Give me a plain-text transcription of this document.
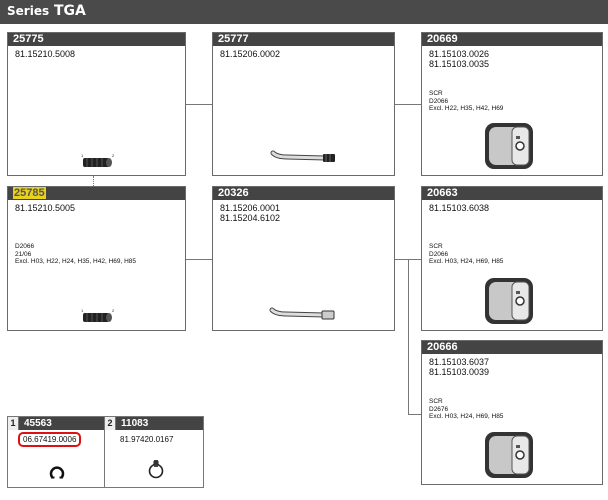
Series TGA
25775
81.15210.5008
1	2
25777
81.15206.0002
20669
81.15103.0026
81.15103.0035
SCR
D2066
Excl. H22, H35, H42, H69
25785
81.15210.5005
D2066
21/06
Excl. H03, H22, H24, H35, H42, H69, H85
1	2
20326
81.15206.0001
81.15204.6102
20663
81.15103.6038
SCR
D2066
Excl. H03, H24, H69, H85
20666
81.15103.6037
81.15103.0039
SCR
D2676
Excl. H03, H24, H69, H85
1 45563
06.67419.0006
2 11083
81.97420.0167
